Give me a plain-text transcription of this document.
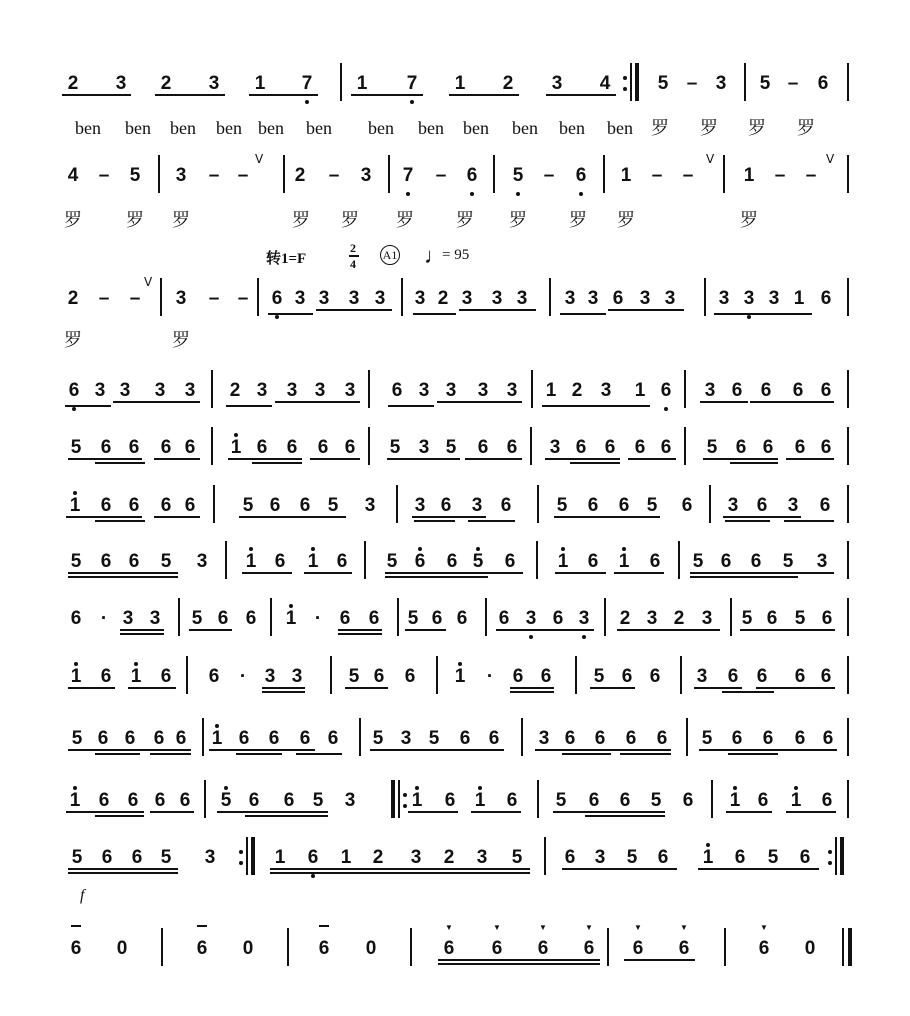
转1=F
2
4
A1 ♩
= 95
f
2 3 2 3 1 7 1 7 1 2 3 4 5 – 3 5 – 6
ben ben ben ben ben ben ben ben ben ben ben ben 罗 罗 罗 罗
4 – 5 3 – – 2 – 3 7 – 6 5 – 6 1 – –	1 – –
罗 罗 罗	罗 罗 罗 罗 罗 罗 罗	罗
V	V	V
2 – – 3 – – 6 3 3 3 3 3 2 3 3 3 3 3 6 3 3 3 3 3 1 6
罗	罗
V
6 3 3 3 3 2 3 3 3 3 6 3 3 3 3 1 2 3 1 6 3 6 6 6 6
5 6 6 6 6 1 6 6 6 6 5 3 5 6 6 3 6 6 6 6 5 6 6 6 6
1 6 6 6 6 5 6 6 5 3 3 6 3 6 5 6 6 5 6 3 6 3 6
5 6 6 5 3 1 6 1 6 5 6 6 5 6 1 6 1 6 5 6 6 5 3
6 · 3 3 5 6 6 1 · 6 6 5 6 6 6 3 6 3 2 3 2 3 5 6 5 6
1 6 1 6 6 · 3 3 5 6 6 1 · 6 6 5 6 6 3 6 6 6 6
5 6 6 6 6 1 6 6 6 6 5 3 5 6 6 3 6 6 6 6 5 6 6 6 6
1 6 6 6 6 5 6 6 5 3	1 6 1 6 5 6 6 5 6 1 6 1 6
5 6 6 5 3	1 6 1 2 3 2 3 5 6 3 5 6 1 6 5 6
6 0	6 0	6 0	6 6 6 6 6 6	6 0
▼	▼	▼	▼	▼	▼	▼
